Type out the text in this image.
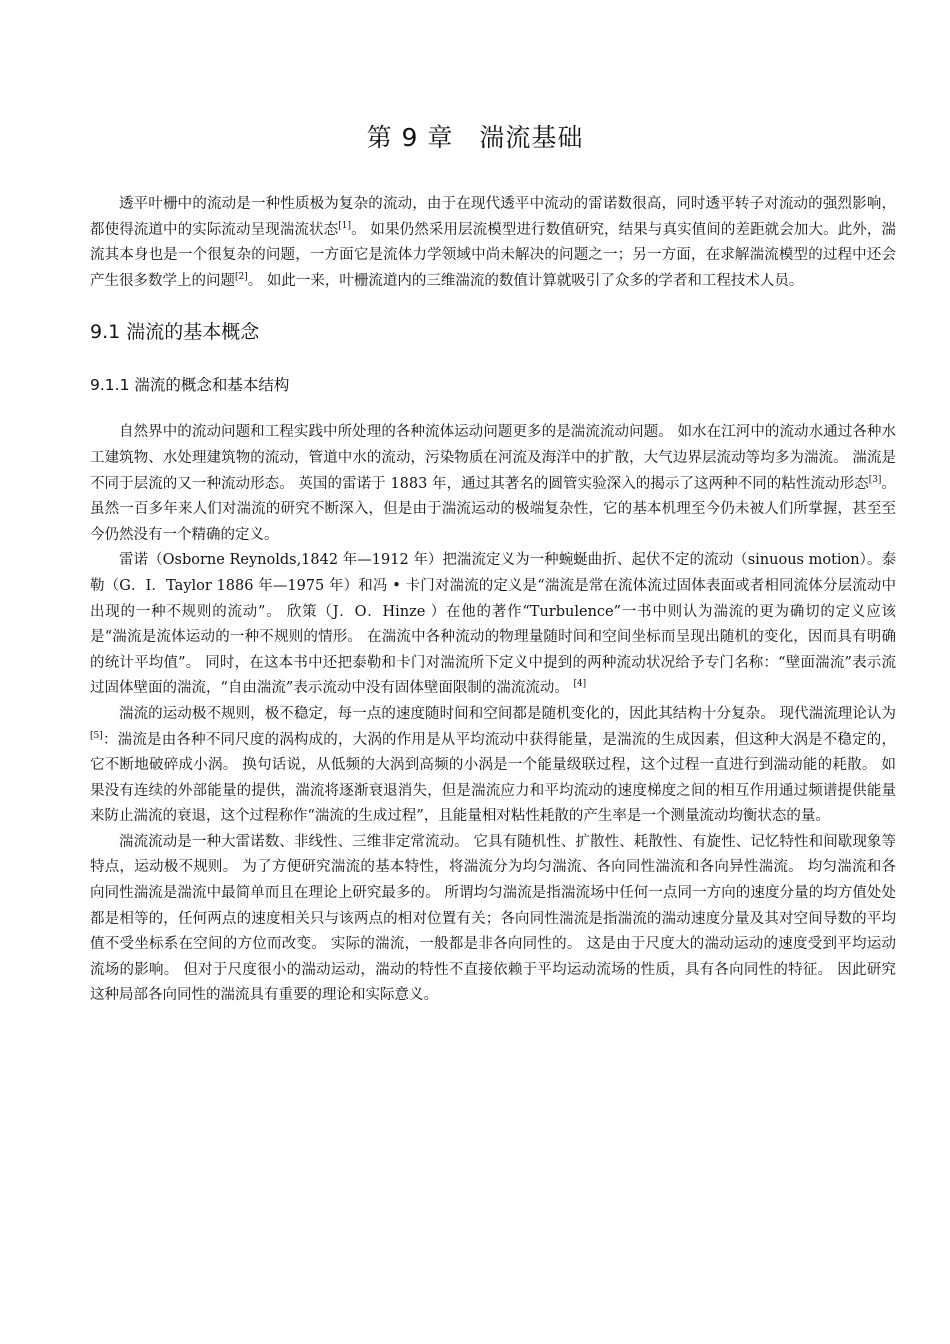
第 9 章　湍流基础

透平叶栅中的流动是一种性质极为复杂的流动，由于在现代透平中流动的雷诺数很高，同时透平转子对流动的强烈影响，都使得流道中的实际流动呈现湍流状态[1]。 如果仍然采用层流模型进行数值研究，结果与真实值间的差距就会加大。此外，湍流其本身也是一个很复杂的问题，一方面它是流体力学领域中尚未解决的问题之一；另一方面，在求解湍流模型的过程中还会产生很多数学上的问题[2]。 如此一来，叶栅流道内的三维湍流的数值计算就吸引了众多的学者和工程技术人员。

9.1 湍流的基本概念
9.1.1 湍流的概念和基本结构

自然界中的流动问题和工程实践中所处理的各种流体运动问题更多的是湍流流动问题。 如水在江河中的流动水通过各种水工建筑物、水处理建筑物的流动，管道中水的流动，污染物质在河流及海洋中的扩散，大气边界层流动等均多为湍流。 湍流是不同于层流的又一种流动形态。 英国的雷诺于 1883 年，通过其著名的圆管实验深入的揭示了这两种不同的粘性流动形态[3]。 虽然一百多年来人们对湍流的研究不断深入，但是由于湍流运动的极端复杂性，它的基本机理至今仍未被人们所掌握，甚至至今仍然没有一个精确的定义。

雷诺（Osborne Reynolds,1842 年—1912 年）把湍流定义为一种蜿蜒曲折、起伏不定的流动（sinuous motion）。泰勒（G．I．Taylor 1886 年—1975 年）和冯 • 卡门对湍流的定义是“湍流是常在流体流过固体表面或者相同流体分层流动中出现的一种不规则的流动”。 欣策（J．O．Hinze ）在他的著作“Turbulence”一书中则认为湍流的更为确切的定义应该是“湍流是流体运动的一种不规则的情形。 在湍流中各种流动的物理量随时间和空间坐标而呈现出随机的变化，因而具有明确的统计平均值”。 同时，在这本书中还把泰勒和卡门对湍流所下定义中提到的两种流动状况给予专门名称：“壁面湍流”表示流过固体壁面的湍流，“自由湍流”表示流动中没有固体壁面限制的湍流流动。 [4]

湍流的运动极不规则，极不稳定，每一点的速度随时间和空间都是随机变化的，因此其结构十分复杂。 现代湍流理论认为[5]：湍流是由各种不同尺度的涡构成的，大涡的作用是从平均流动中获得能量，是湍流的生成因素，但这种大涡是不稳定的，它不断地破碎成小涡。 换句话说，从低频的大涡到高频的小涡是一个能量级联过程，这个过程一直进行到湍动能的耗散。 如果没有连续的外部能量的提供，湍流将逐渐衰退消失，但是湍流应力和平均流动的速度梯度之间的相互作用通过频谱提供能量来防止湍流的衰退，这个过程称作“湍流的生成过程”，且能量相对粘性耗散的产生率是一个测量流动均衡状态的量。

湍流流动是一种大雷诺数、非线性、三维非定常流动。 它具有随机性、扩散性、耗散性、有旋性、记忆特性和间歇现象等特点，运动极不规则。 为了方便研究湍流的基本特性，将湍流分为均匀湍流、各向同性湍流和各向异性湍流。 均匀湍流和各向同性湍流是湍流中最简单而且在理论上研究最多的。 所谓均匀湍流是指湍流场中任何一点同一方向的速度分量的均方值处处都是相等的，任何两点的速度相关只与该两点的相对位置有关；各向同性湍流是指湍流的湍动速度分量及其对空间导数的平均值不受坐标系在空间的方位而改变。 实际的湍流，一般都是非各向同性的。 这是由于尺度大的湍动运动的速度受到平均运动流场的影响。 但对于尺度很小的湍动运动，湍动的特性不直接依赖于平均运动流场的性质，具有各向同性的特征。 因此研究这种局部各向同性的湍流具有重要的理论和实际意义。
